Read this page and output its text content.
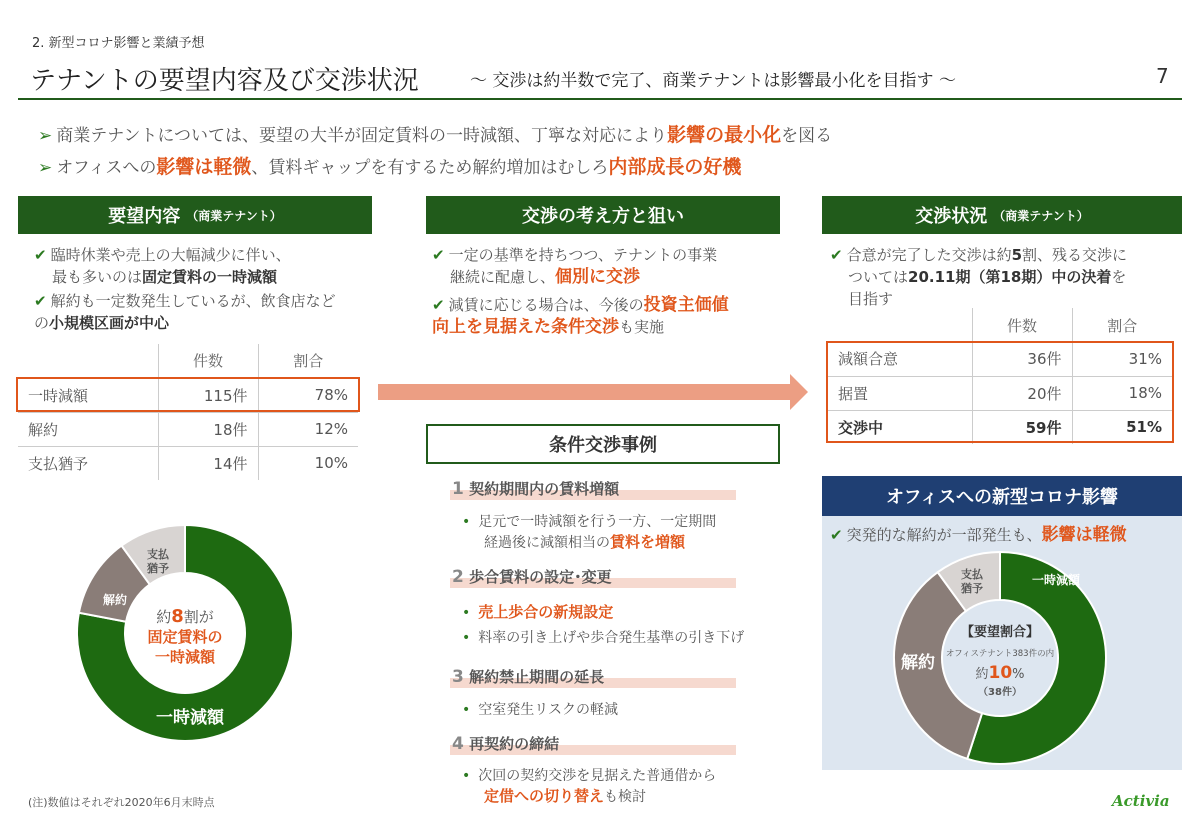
2. 新型コロナ影響と業績予想
テナントの要望内容及び交渉状況	～ 交渉は約半数で完了、商業テナントは影響最小化を目指す ～	7
➢ 商業テナントについては、要望の大半が固定賃料の一時減額、丁寧な対応により影響の最小化を図る
➢ オフィスへの影響は軽微、賃料ギャップを有するため解約増加はむしろ内部成長の好機
要望内容 （商業テナント）
✔ 臨時休業や売上の大幅減少に伴い、
最も多いのは固定賃料の一時減額
✔ 解約も一定数発生しているが、飲食店など
の小規模区画が中心
	件数	割合
一時減額	115件	78%
解約	18件	12%
支払猶予	14件	10%
一時減額
解約
支払
猶予
約8割が
固定賃料の
一時減額
交渉の考え方と狙い
✔ 一定の基準を持ちつつ、テナントの事業
継続に配慮し、個別に交渉
✔ 減賃に応じる場合は、今後の投資主価値
向上を見据えた条件交渉も実施
条件交渉事例
1 契約期間内の賃料増額
• 足元で一時減額を行う一方、一定期間
経過後に減額相当の賃料を増額
2 歩合賃料の設定･変更
• 売上歩合の新規設定
• 料率の引き上げや歩合発生基準の引き下げ
3 解約禁止期間の延長
• 空室発生リスクの軽減
4 再契約の締結
• 次回の契約交渉を見据えた普通借から
定借への切り替えも検討
交渉状況 （商業テナント）
✔ 合意が完了した交渉は約5割、残る交渉に
ついては20.11期（第18期）中の決着を
目指す
	件数	割合
減額合意	36件	31%
据置	20件	18%
交渉中	59件	51%
オフィスへの新型コロナ影響
✔ 突発的な解約が一部発生も、影響は軽微
一時減額
解約
支払
猶予
【要望割合】
オフィステナント383件の内
約10%
（38件）
(注)数値はそれぞれ2020年6月末時点	Activia
